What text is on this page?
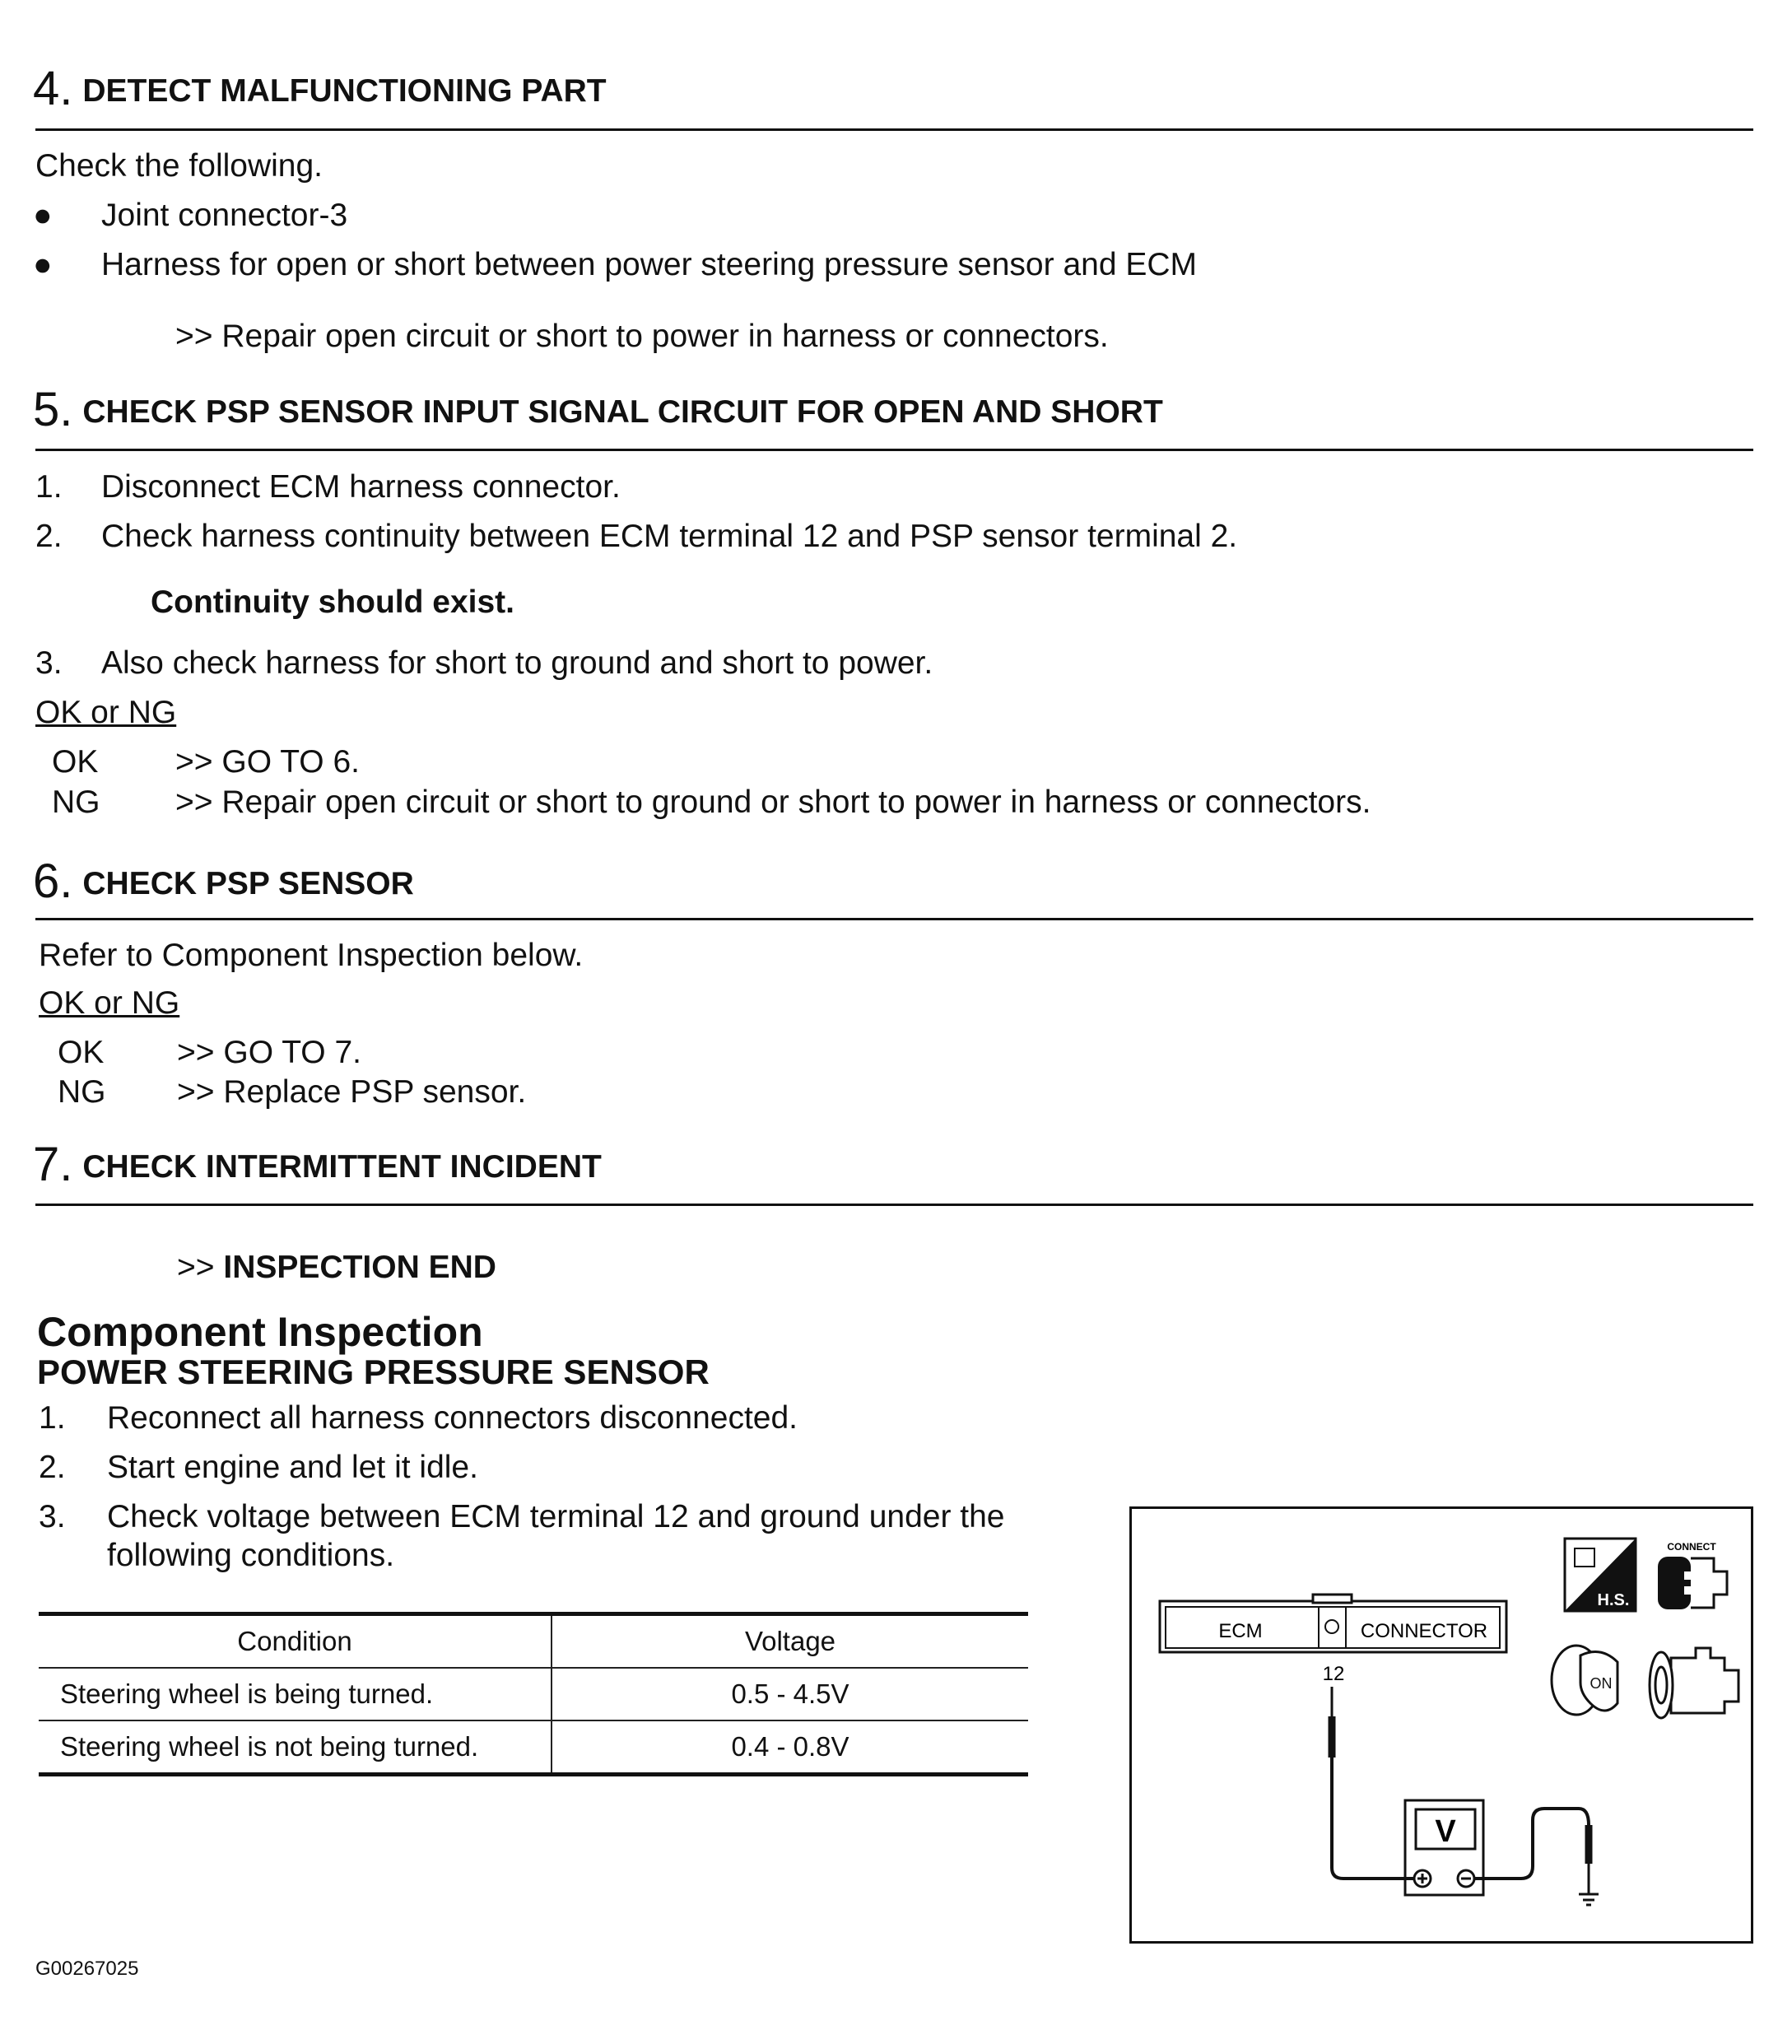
4. DETECT MALFUNCTIONING PART
Check the following.
● Joint connector-3
● Harness for open or short between power steering pressure sensor and ECM
>> Repair open circuit or short to power in harness or connectors.
5. CHECK PSP SENSOR INPUT SIGNAL CIRCUIT FOR OPEN AND SHORT
1. Disconnect ECM harness connector.
2. Check harness continuity between ECM terminal 12 and PSP sensor terminal 2.
Continuity should exist.
3. Also check harness for short to ground and short to power.
OK or NG
OK >> GO TO 6.
NG >> Repair open circuit or short to ground or short to power in harness or connectors.
6. CHECK PSP SENSOR
Refer to Component Inspection below.
OK or NG
OK >> GO TO 7.
NG >> Replace PSP sensor.
7. CHECK INTERMITTENT INCIDENT
>> INSPECTION END
Component Inspection
POWER STEERING PRESSURE SENSOR
1. Reconnect all harness connectors disconnected.
2. Start engine and let it idle.
3. Check voltage between ECM terminal 12 and ground under the
following conditions.
Condition	Voltage
Steering wheel is being turned.	0.5 - 4.5V
Steering wheel is not being turned.	0.4 - 0.8V
ECM	CONNECTOR
12
V
H.S.
CONNECT
ON
G00267025
